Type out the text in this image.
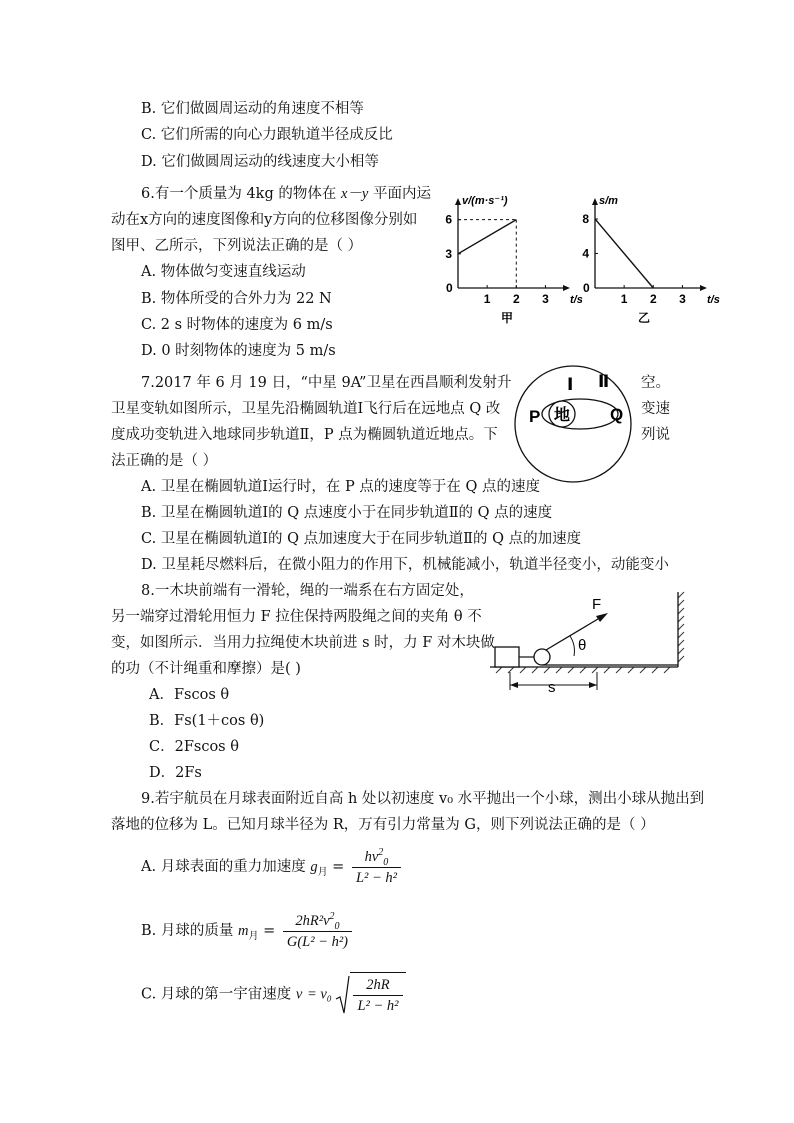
B. 它们做圆周运动的角速度不相等
C. 它们所需的向心力跟轨道半径成反比
D. 它们做圆周运动的线速度大小相等
6.有一个质量为 4kg 的物体在 x－y 平面内运
动在x方向的速度图像和y方向的位移图像分别如
图甲、乙所示，下列说法正确的是（ ）
A. 物体做匀变速直线运动
B. 物体所受的合外力为 22 N
C. 2 s 时物体的速度为 6 m/s
D. 0 时刻物体的速度为 5 m/s
v/(m·s⁻¹)
t/s
0
1 2 3
3
6
甲
s/m
t/s
0
1 2 3
4
8
乙
7.2017 年 6 月 19 日，“中星 9A”卫星在西昌顺利发射升	空。
卫星变轨如图所示，卫星先沿椭圆轨道Ⅰ飞行后在远地点 Q 改	变速
度成功变轨进入地球同步轨道Ⅱ，P 点为椭圆轨道近地点。下	列说
法正确的是（ ）
地
P	Q
Ⅰ Ⅱ
A. 卫星在椭圆轨道Ⅰ运行时，在 P 点的速度等于在 Q 点的速度
B. 卫星在椭圆轨道Ⅰ的 Q 点速度小于在同步轨道Ⅱ的 Q 点的速度
C. 卫星在椭圆轨道Ⅰ的 Q 点加速度大于在同步轨道Ⅱ的 Q 点的加速度
D. 卫星耗尽燃料后，在微小阻力的作用下，机械能减小，轨道半径变小，动能变小
8.一木块前端有一滑轮，绳的一端系在右方固定处，
另一端穿过滑轮用恒力 F 拉住保持两股绳之间的夹角 θ 不
变，如图所示．当用力拉绳使木块前进 s 时，力 F 对木块做
的功（不计绳重和摩擦）是( )
F
θ
s
A．Fscos θ
B．Fs(1＋cos θ)
C．2Fscos θ
D．2Fs
9.若宇航员在月球表面附近自高 h 处以初速度 v₀ 水平抛出一个小球，测出小球从抛出到
落地的位移为 L。已知月球半径为 R，万有引力常量为 G，则下列说法正确的是（ ）
A. 月球表面的重力加速度 $g_月 = \frac{hv^2_0}{\text{L² − h²}}$
B. 月球的质量 $m_月 = \frac{2hR^2v^2_0}{\text{G(L² − h²)}}$
C. 月球的第一宇宙速度 $v = v_0 \frac{2hR}{\text{L² − h²}}$
